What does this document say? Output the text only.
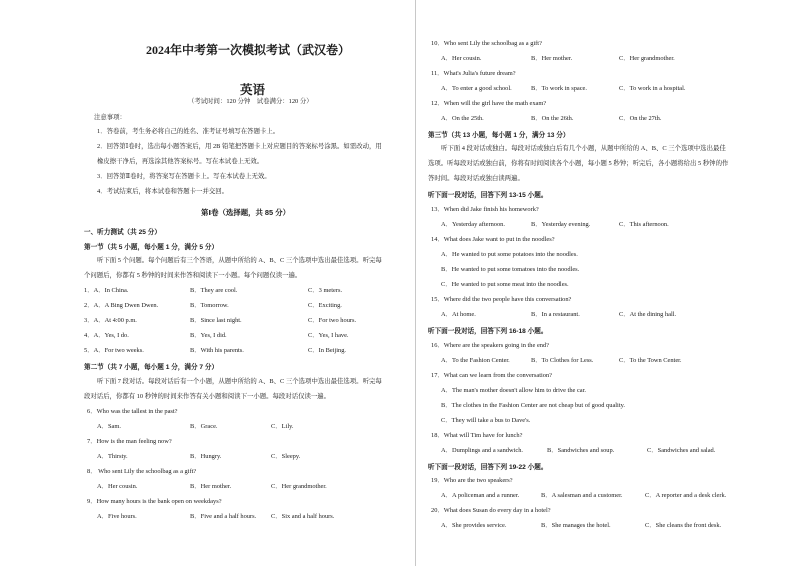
2024年中考第一次模拟考试（武汉卷）
英语
（考试时间：120 分钟　试卷满分：120 分）
注意事项：
1．答卷前，考生务必将自己的姓名、准考证号填写在答题卡上。
2．回答第Ⅰ卷时，选出每小题答案后，用 2B 铅笔把答题卡上对应题目的答案标号涂黑。如需改动，用
橡皮擦干净后，再选涂其他答案标号。写在本试卷上无效。
3．回答第Ⅱ卷时，将答案写在答题卡上。写在本试卷上无效。
4．考试结束后，将本试卷和答题卡一并交回。
第Ⅰ卷（选择题，共 85 分）
一、听力测试（共 25 分）
第一节（共 5 小题，每小题 1 分，满分 5 分）
听下面 5 个问题。每个问题后有三个答语，从题中所给的 A、B、C 三个选项中选出最佳选项。听完每
个问题后，你都有 5 秒钟的时间来作答和阅读下一小题。每个问题仅读一遍。
1．A．In China.	B．They are cool.	C．3 meters.
2．A．A Bing Dwen Dwen.	B．Tomorrow.	C．Exciting.
3．A．At 4:00 p.m.	B．Since last night.	C．For two hours.
4．A．Yes, I do.	B．Yes, I did.	C．Yes, I have.
5．A．For two weeks.	B．With his parents.	C．In Beijing.
第二节（共 7 小题，每小题 1 分，满分 7 分）
听下面 7 段对话。每段对话后有一个小题，从题中所给的 A、B、C 三个选项中选出最佳选项。听完每
段对话后，你都有 10 秒钟的时间来作答有关小题和阅读下一小题。每段对话仅读一遍。
6．Who was the tallest in the past?
A．Sam.	B．Grace.	C．Lily.
7．How is the man feeling now?
A．Thirsty.	B．Hungry.	C．Sleepy.
8． Who sent Lily the schoolbag as a gift?
A．Her cousin.	B．Her mother.	C．Her grandmother.
9．How many hours is the bank open on weekdays?
A．Five hours.	B．Five and a half hours. C．Six and a half hours.
10．Who sent Lily the schoolbag as a gift?
A．Her cousin.	B．Her mother.	C．Her grandmother.
11．What's Julia's future dream?
A．To enter a good school.	B．To work in space.	C．To work in a hospital.
12．When will the girl have the math exam?
A．On the 25th.	B．On the 26th.	C．On the 27th.
第三节（共 13 小题，每小题 1 分，满分 13 分）
听下面 4 段对话或独白。每段对话或独白后有几个小题，从题中所给的 A、B、C 三个选项中选出最佳
选项。听每段对话或独白前，你将有时间阅读各个小题，每小题 5 秒钟；听完后，各小题将给出 5 秒钟的作
答时间。每段对话或独白读两遍。
听下面一段对话，回答下列 13-15 小题。
13．When did Jake finish his homework?
A．Yesterday afternoon.	B．Yesterday evening.	C．This afternoon.
14．What does Jake want to put in the noodles?
A．He wanted to put some potatoes into the noodles.
B．He wanted to put some tomatoes into the noodles.
C．He wanted to put some meat into the noodles.
15．Where did the two people have this conversation?
A．At home.	B．In a restaurant.	C．At the dining hall.
听下面一段对话，回答下列 16-18 小题。
16．Where are the speakers going in the end?
A．To the Fashion Center.	B．To Clothes for Less.	C．To the Town Center.
17．What can we learn from the conversation?
A．The man's mother doesn't allow him to drive the car.
B．The clothes in the Fashion Center are not cheap but of good quality.
C．They will take a bus to Dave's.
18．What will Tim have for lunch?
A．Dumplings and a sandwich.	B．Sandwiches and soup.	C．Sandwiches and salad.
听下面一段对话，回答下列 19-22 小题。
19．Who are the two speakers?
A．A policeman and a runner.	B．A salesman and a customer.	C．A reporter and a desk clerk.
20．What does Susan do every day in a hotel?
A．She provides service.	B．She manages the hotel.	C．She cleans the front desk.
